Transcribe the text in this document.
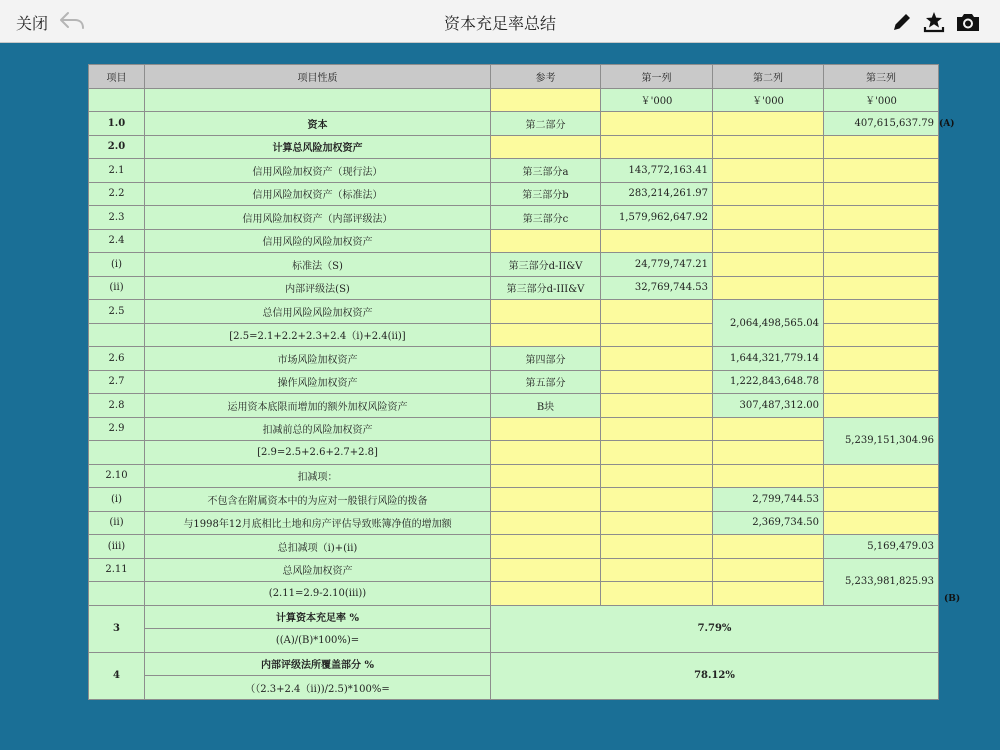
关闭	资本充足率总结
项目	项目性质	参考	第一列	第二列	第三列
			￥'000	￥'000	￥'000
1.0	资本	第二部分			407,615,637.79
2.0	计算总风险加权资产				
2.1	信用风险加权资产（现行法）	第三部分a	143,772,163.41		
2.2	信用风险加权资产（标准法）	第三部分b	283,214,261.97		
2.3	信用风险加权资产（内部评级法）	第三部分c	1,579,962,647.92		
2.4	信用风险的风险加权资产				
(i)	标准法（S)	第三部分d-II&V	24,779,747.21		
(ii)	内部评级法(S)	第三部分d-III&V	32,769,744.53		
2.5	总信用风险风险加权资产			2,064,498,565.04	
	[2.5=2.1+2.2+2.3+2.4（i)+2.4(ii)]				
2.6	市场风险加权资产	第四部分		1,644,321,779.14	
2.7	操作风险加权资产	第五部分		1,222,843,648.78	
2.8	运用资本底限而增加的额外加权风险资产	B块		307,487,312.00	
2.9	扣减前总的风险加权资产				5,239,151,304.96
	[2.9=2.5+2.6+2.7+2.8]				
2.10	扣减项：				
(i)	不包含在附属资本中的为应对一般银行风险的拨备			2,799,744.53	
(ii)	与1998年12月底相比土地和房产评估导致账簿净值的增加额			2,369,734.50	
(iii)	总扣减项（i)+(ii)				5,169,479.03
2.11	总风险加权资产				5,233,981,825.93
	(2.11=2.9-2.10(iii))				
3	计算资本充足率 %	7.79%			
	((A)/(B)*100%)=				
4	内部评级法所覆盖部分 %	78.12%			
	（（2.3+2.4（ii))/2.5)*100%=				
(A)
(B)
